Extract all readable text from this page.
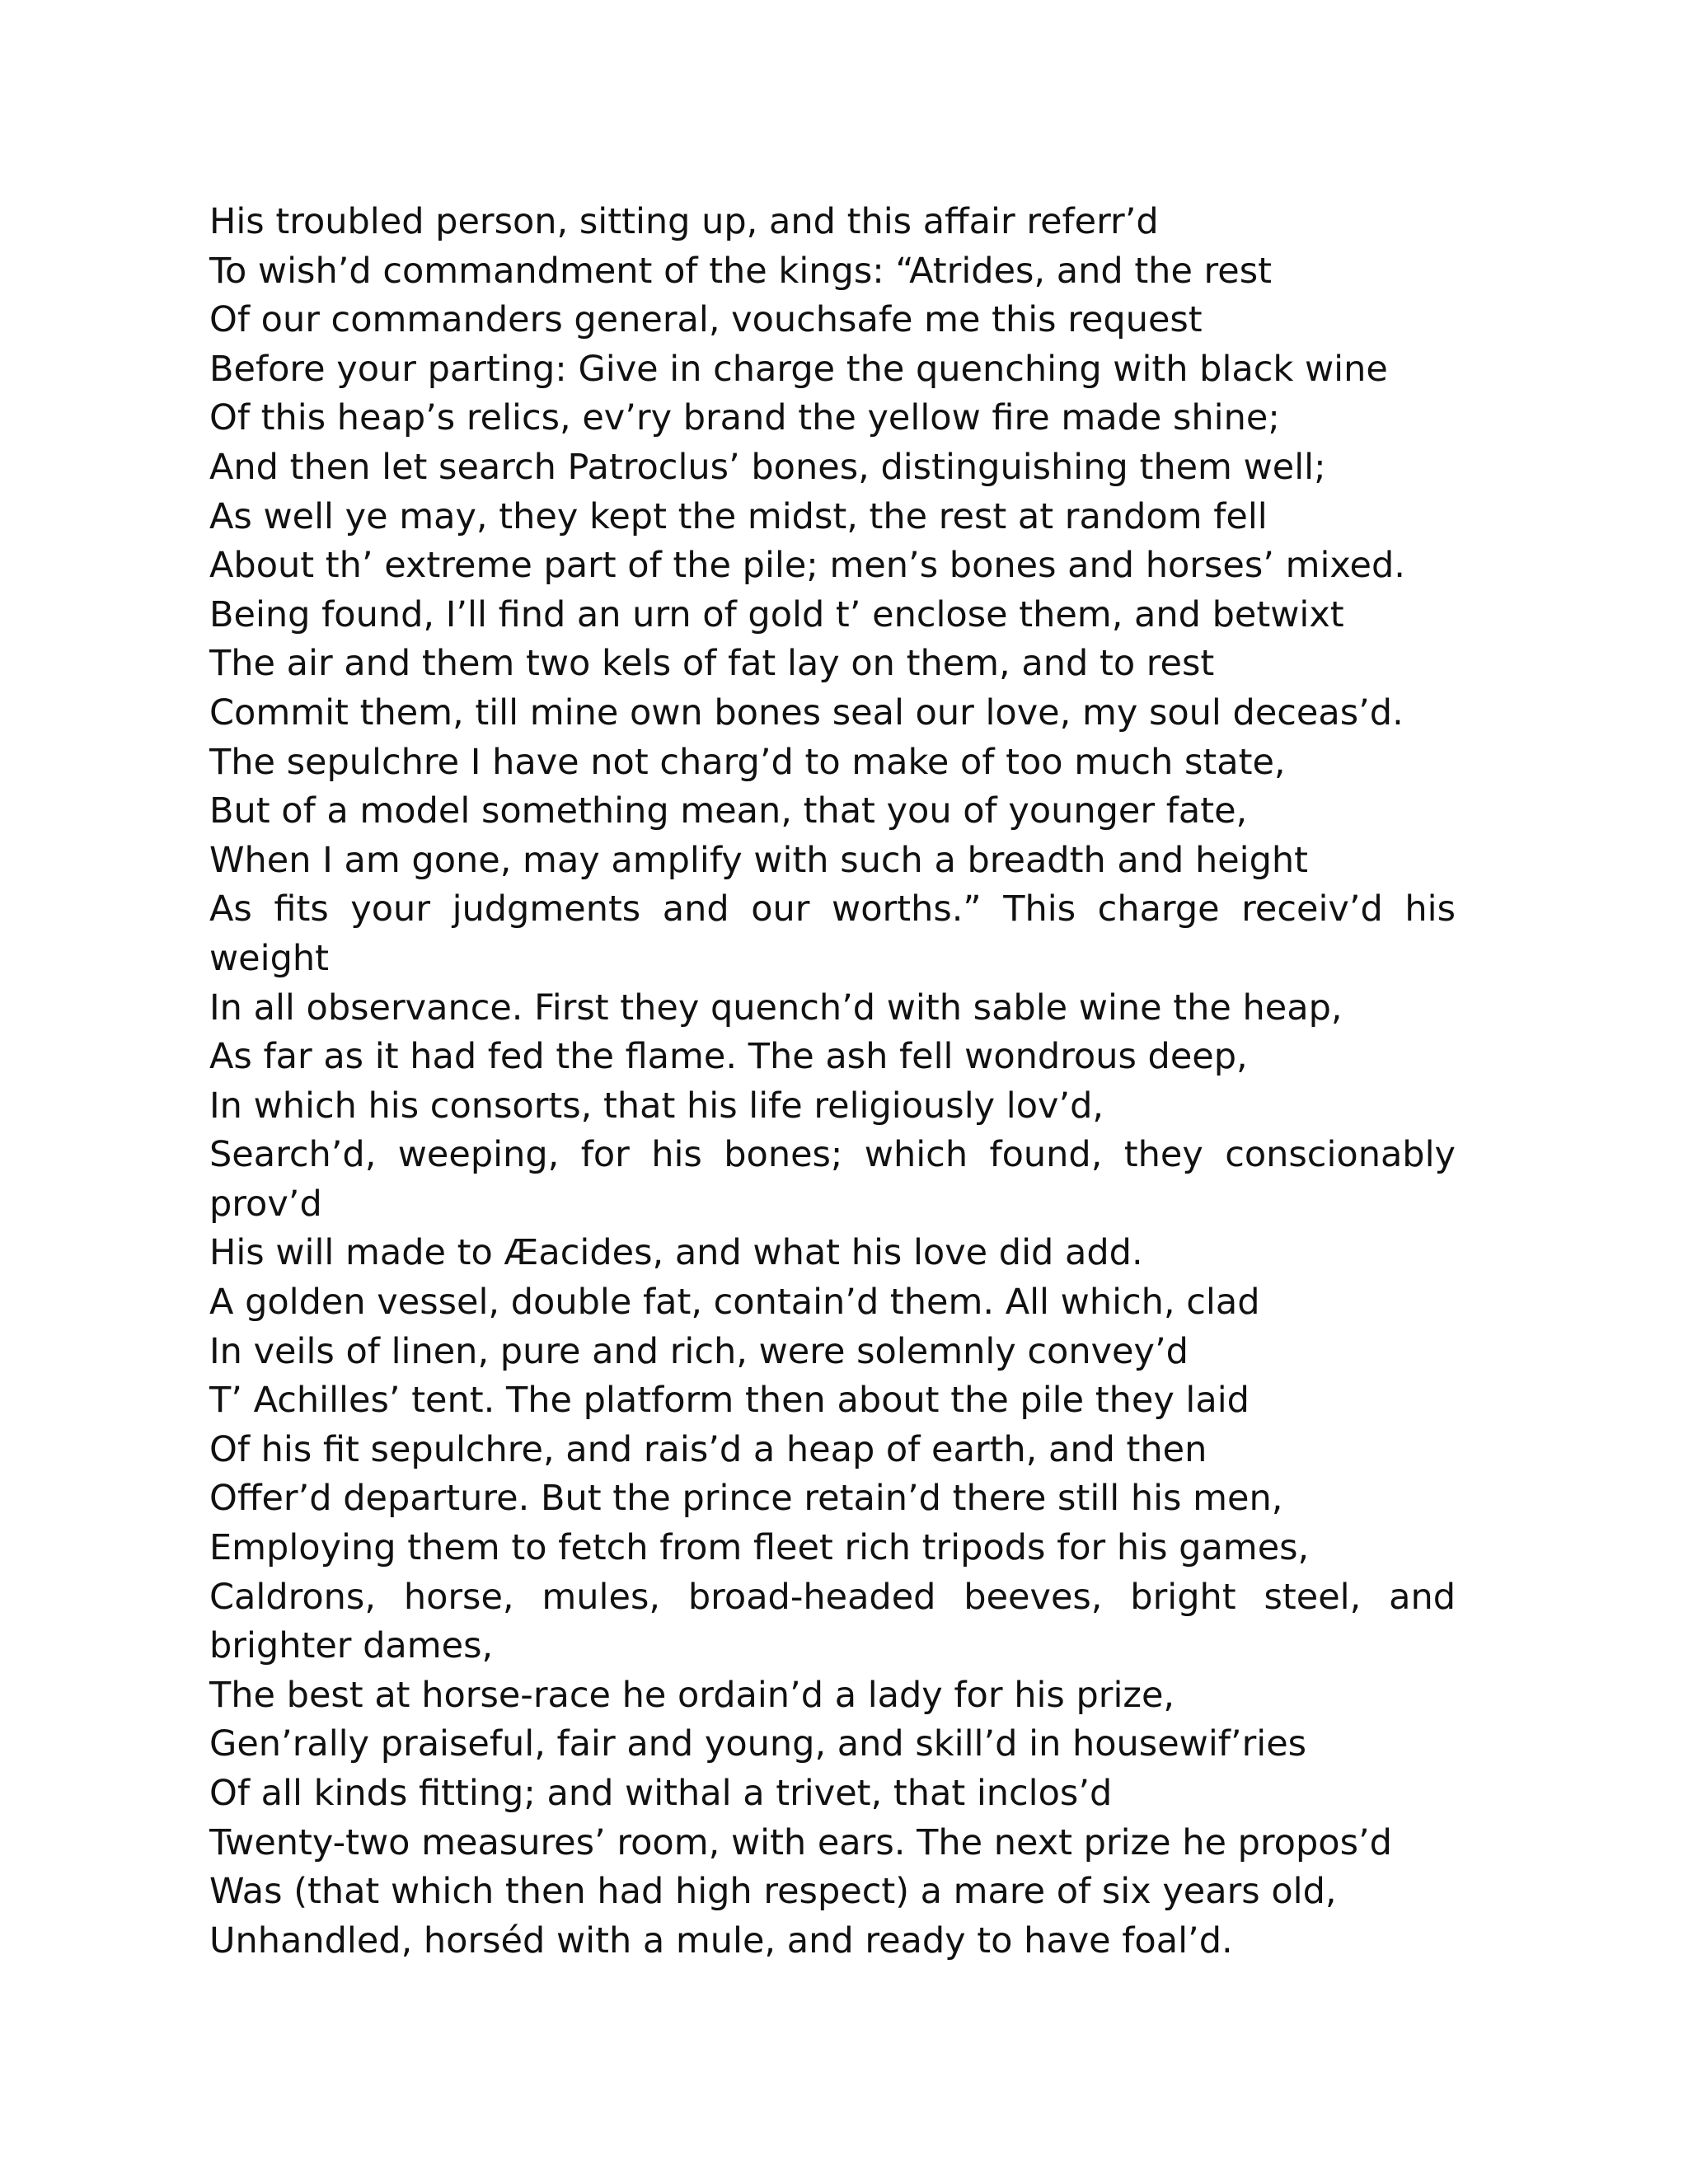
His troubled person, sitting up, and this affair referr’d
To wish’d commandment of the kings: “Atrides, and the rest
Of our commanders general, vouchsafe me this request
Before your parting: Give in charge the quenching with black wine
Of this heap’s relics, ev’ry brand the yellow fire made shine;
And then let search Patroclus’ bones, distinguishing them well;
As well ye may, they kept the midst, the rest at random fell
About th’ extreme part of the pile; men’s bones and horses’ mixed.
Being found, I’ll find an urn of gold t’ enclose them, and betwixt
The air and them two kels of fat lay on them, and to rest
Commit them, till mine own bones seal our love, my soul deceas’d.
The sepulchre I have not charg’d to make of too much state,
But of a model something mean, that you of younger fate,
When I am gone, may amplify with such a breadth and height
As fits your judgments and our worths.” This charge receiv’d his
weight
In all observance. First they quench’d with sable wine the heap,
As far as it had fed the flame. The ash fell wondrous deep,
In which his consorts, that his life religiously lov’d,
Search’d, weeping, for his bones; which found, they conscionably
prov’d
His will made to Æacides, and what his love did add.
A golden vessel, double fat, contain’d them. All which, clad
In veils of linen, pure and rich, were solemnly convey’d
T’ Achilles’ tent. The platform then about the pile they laid
Of his fit sepulchre, and rais’d a heap of earth, and then
Offer’d departure. But the prince retain’d there still his men,
Employing them to fetch from fleet rich tripods for his games,
Caldrons, horse, mules, broad-headed beeves, bright steel, and
brighter dames,
The best at horse-race he ordain’d a lady for his prize,
Gen’rally praiseful, fair and young, and skill’d in housewif’ries
Of all kinds fitting; and withal a trivet, that inclos’d
Twenty-two measures’ room, with ears. The next prize he propos’d
Was (that which then had high respect) a mare of six years old,
Unhandled, horséd with a mule, and ready to have foal’d.
